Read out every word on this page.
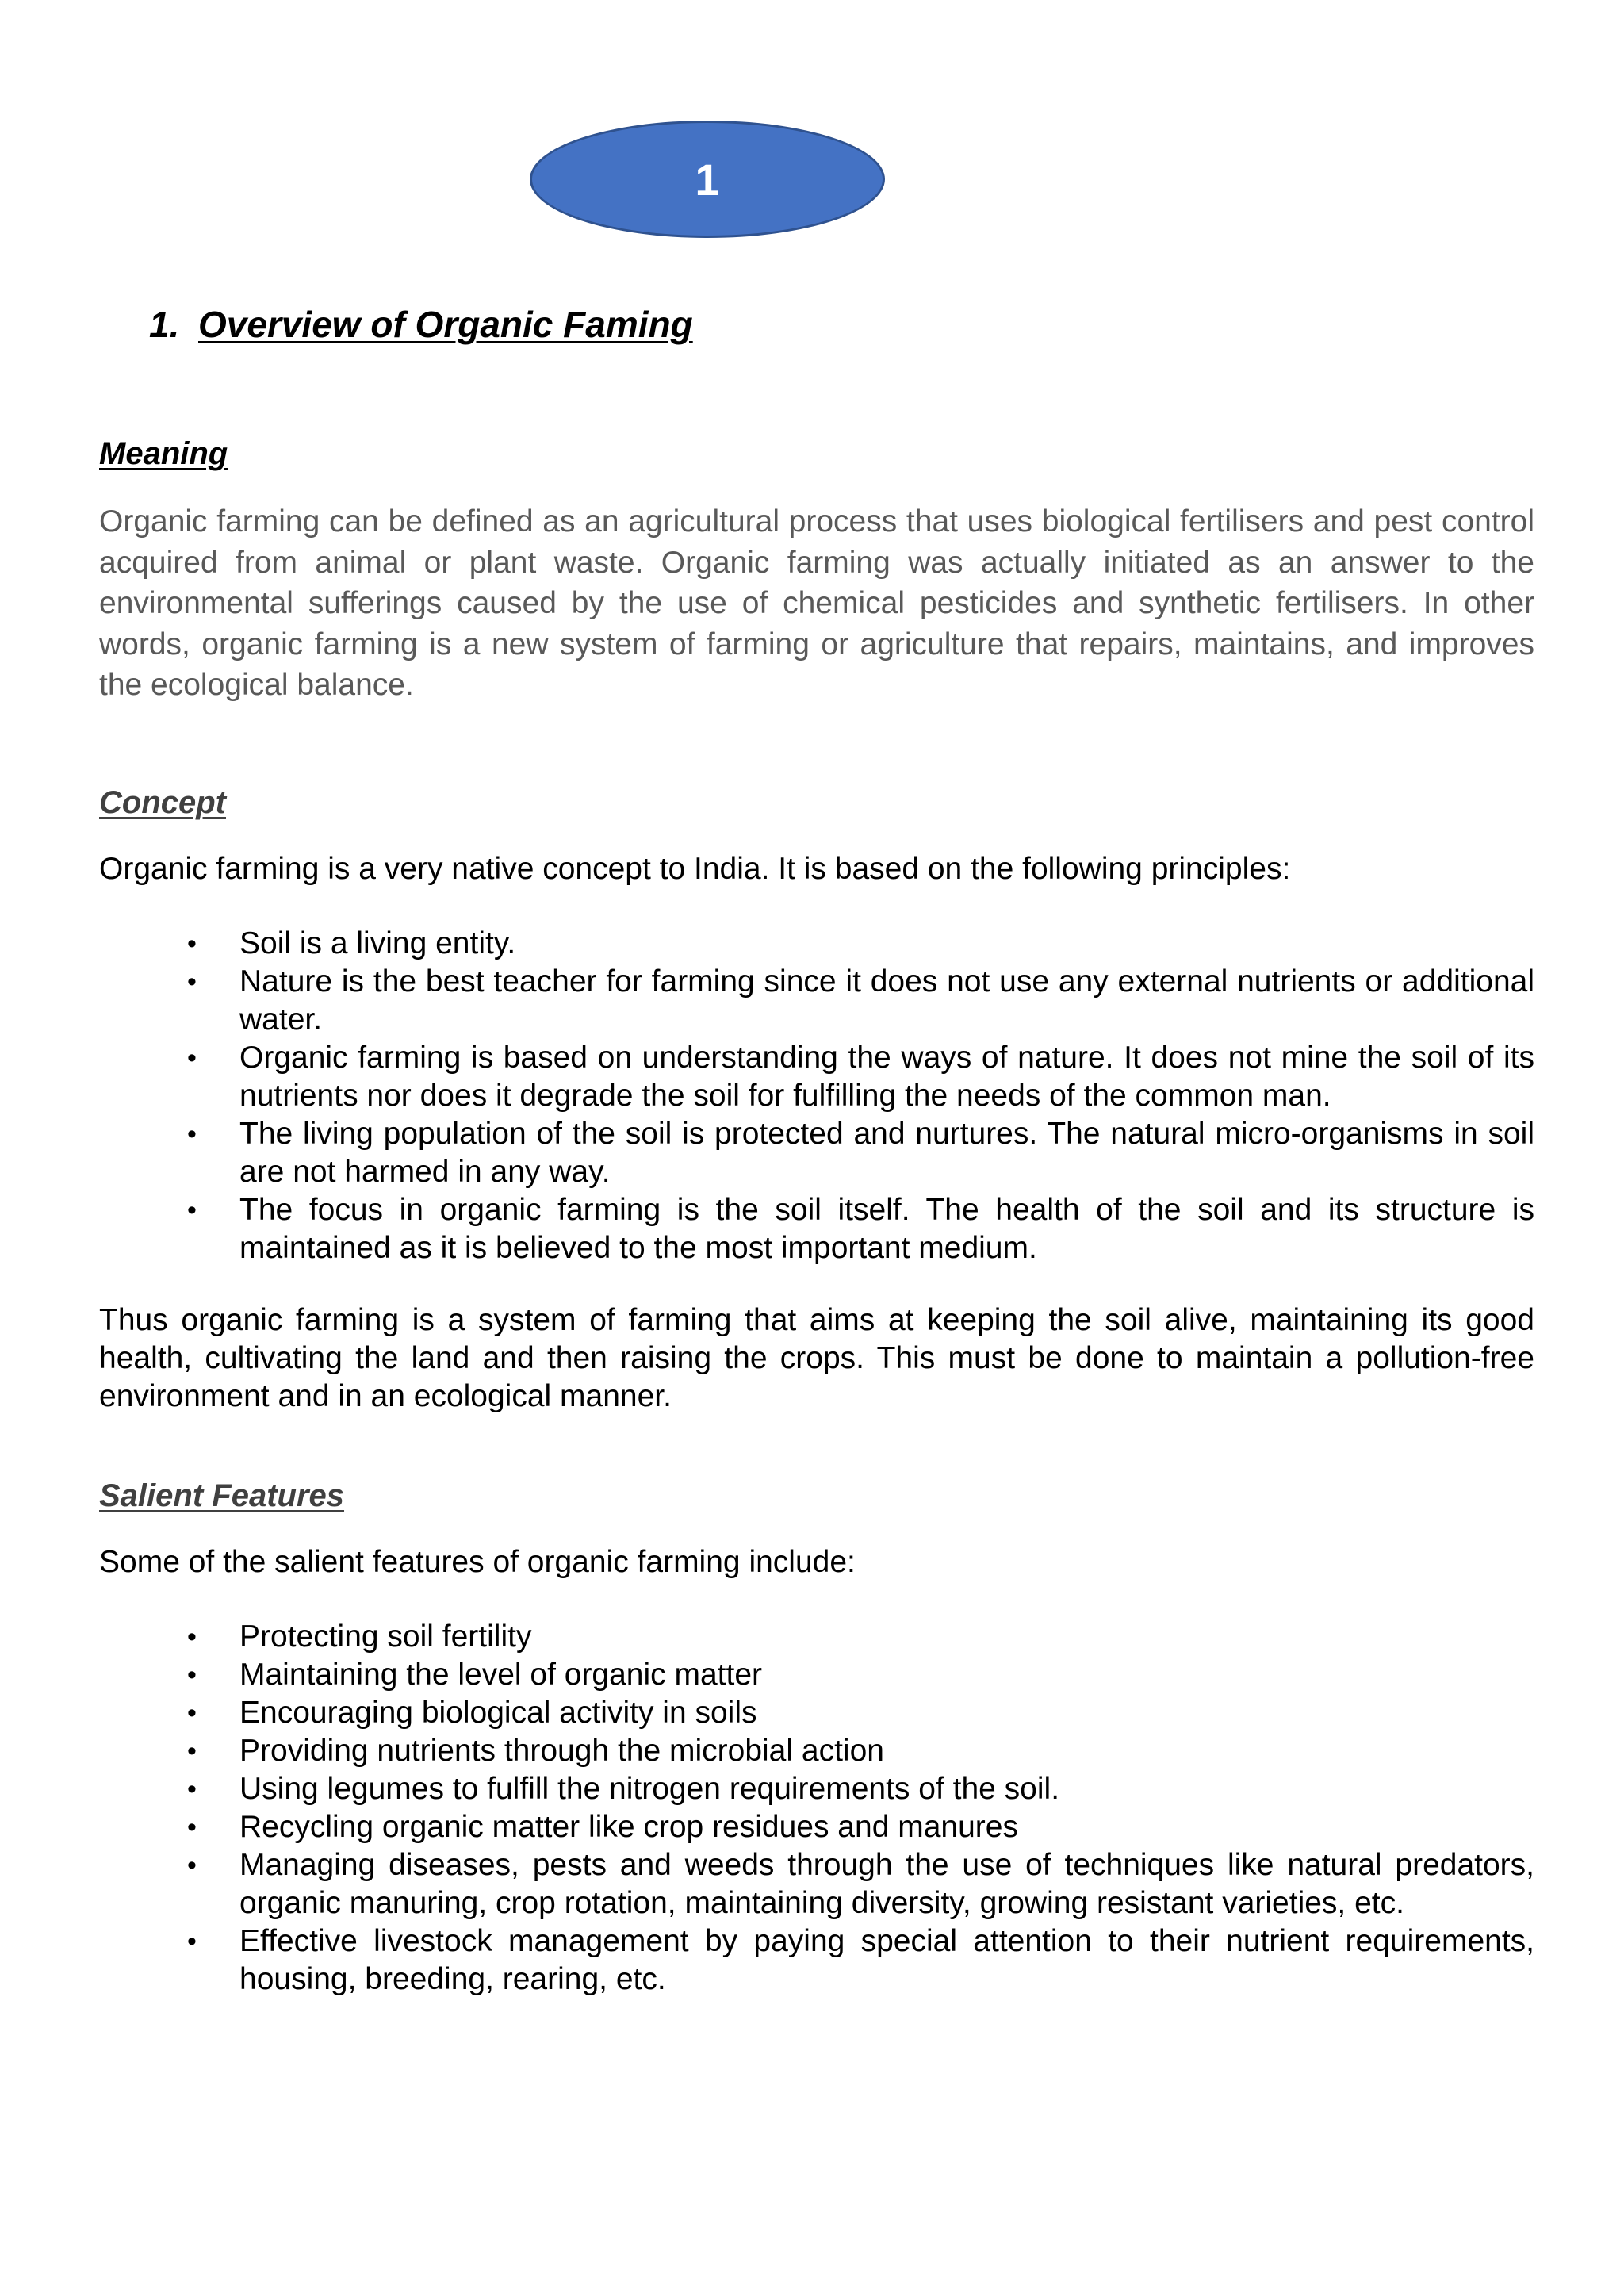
1
1. Overview of Organic Faming
Meaning

Organic farming can be defined as an agricultural process that uses biological fertilisers and pest control acquired from animal or plant waste. Organic farming was actually initiated as an answer to the environmental sufferings caused by the use of chemical pesticides and synthetic fertilisers. In other words, organic farming is a new system of farming or agriculture that repairs, maintains, and improves the ecological balance.

Concept

Organic farming is a very native concept to India. It is based on the following principles:

• Soil is a living entity.
• Nature is the best teacher for farming since it does not use any external nutrients or additional water.
• Organic farming is based on understanding the ways of nature. It does not mine the soil of its nutrients nor does it degrade the soil for fulfilling the needs of the common man.
• The living population of the soil is protected and nurtures. The natural micro-organisms in soil are not harmed in any way.
• The focus in organic farming is the soil itself. The health of the soil and its structure is maintained as it is believed to the most important medium.

Thus organic farming is a system of farming that aims at keeping the soil alive, maintaining its good health, cultivating the land and then raising the crops. This must be done to maintain a pollution-free environment and in an ecological manner.

Salient Features

Some of the salient features of organic farming include:

• Protecting soil fertility
• Maintaining the level of organic matter
• Encouraging biological activity in soils
• Providing nutrients through the microbial action
• Using legumes to fulfill the nitrogen requirements of the soil.
• Recycling organic matter like crop residues and manures
• Managing diseases, pests and weeds through the use of techniques like natural predators, organic manuring, crop rotation, maintaining diversity, growing resistant varieties, etc.
• Effective livestock management by paying special attention to their nutrient requirements, housing, breeding, rearing, etc.
